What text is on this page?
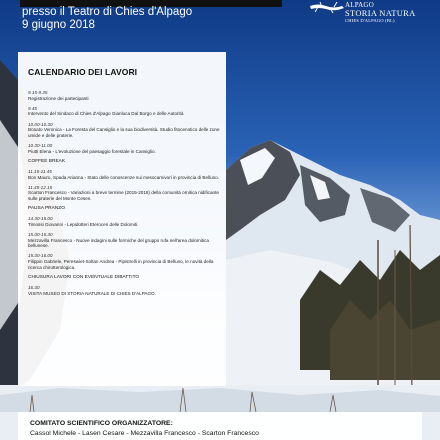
presso il Teatro di Chies d'Alpago
9 giugno 2018
ALPAGO
STORIA NATURA
CHIES D'ALPAGO (BL)
CALENDARIO DEI LAVORI
9.15-9.35
Registrazione dei partecipanti
9.45
Intervento del Sindaco di Chies d'Alpago Gianluca Dal Borgo e delle Autorità
10.00-10.30
Bonato Veronica - La Foresta del Cansiglio e la sua biodiversità. Studio fitocenotico delle zone umide e delle praterie.
10.30-11.00
Piutti Elena - L'evoluzione del paesaggio forestale in Cansiglio.
COFFEE BREAK
11.15-11.45
Bon Mauro, Spada Arianna - Stato delle conoscenze sui mesocarnivori in provincia di Belluno.
11.45-12.15
Scarton Francesco - Variazioni a breve termine (2015-2018) della comunità ornitica nidificante sulle praterie del Monte Cesen.
PAUSA PRANZO
14.30-15.00
Timossi Giovanni - Lepidotteri Eteroceri delle Dolomiti.
15.00-15.30
Mezzavilla Francesco - Nuove indagini sulle formiche del gruppo rufa nell'area dolomitica bellunese.
15.30-16.00
Filippin Gabriele, Pereswiet-Soltan Andrea - Pipistrelli in provincia di Belluno, le novità della ricerca chirotterologica.
CHIUSURA LAVORI CON EVENTUALE DIBATTITO
16.30
VISITA MUSEO DI STORIA NATURALE DI CHIES D'ALPAGO.
COMITATO SCIENTIFICO ORGANIZZATORE:
Cassol Michele - Lasen Cesare - Mezzavilla Francesco - Scarton Francesco
